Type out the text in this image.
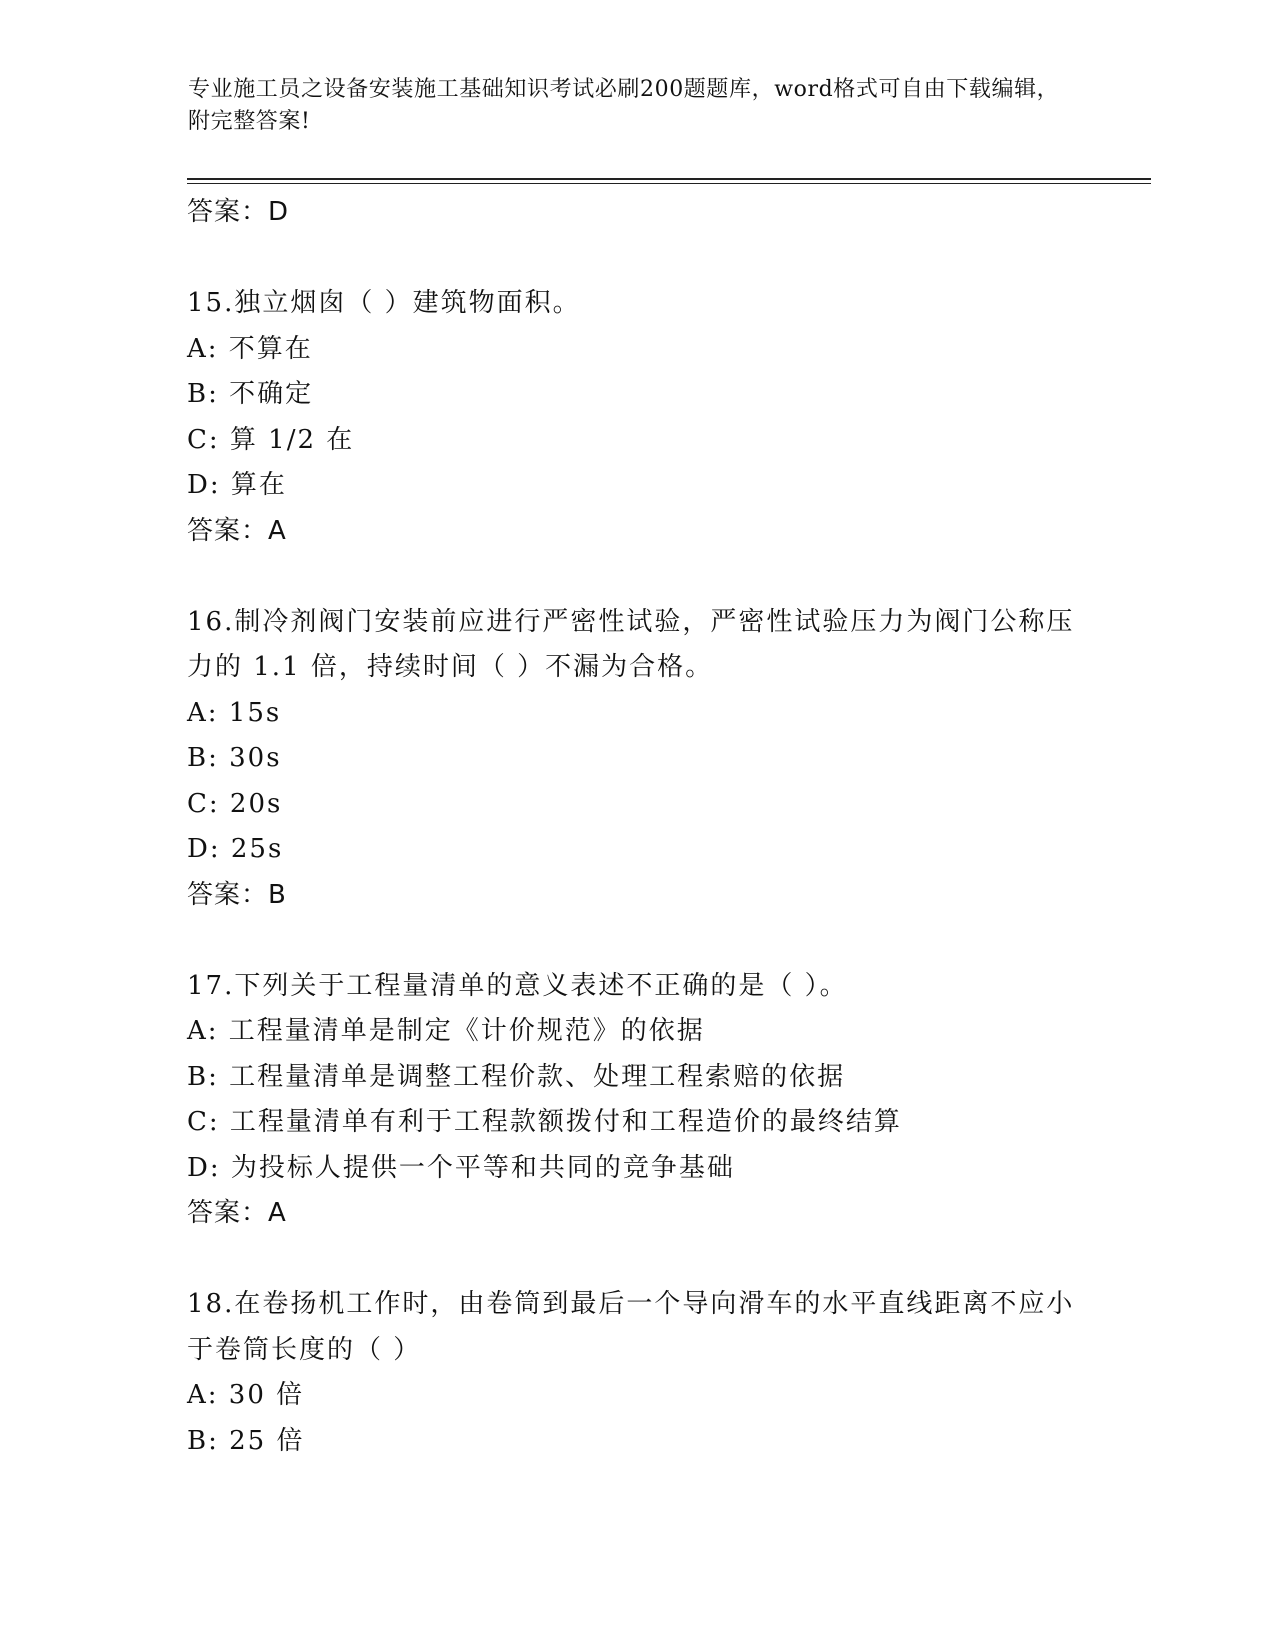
专业施工员之设备安装施工基础知识考试必刷200题题库，word格式可自由下载编辑，附完整答案!

答案：D

15.独立烟囱（ ）建筑物面积。

A: 不算在

B: 不确定

C: 算 1/2 在

D: 算在

答案：A

16.制冷剂阀门安装前应进行严密性试验，严密性试验压力为阀门公称压力的 1.1 倍，持续时间（ ）不漏为合格。

A: 15s

B: 30s

C: 20s

D: 25s

答案：B

17.下列关于工程量清单的意义表述不正确的是（ ）。

A: 工程量清单是制定《计价规范》的依据

B: 工程量清单是调整工程价款、处理工程索赔的依据

C: 工程量清单有利于工程款额拨付和工程造价的最终结算

D: 为投标人提供一个平等和共同的竞争基础

答案：A

18.在卷扬机工作时，由卷筒到最后一个导向滑车的水平直线距离不应小于卷筒长度的（ ）

A: 30 倍

B: 25 倍
